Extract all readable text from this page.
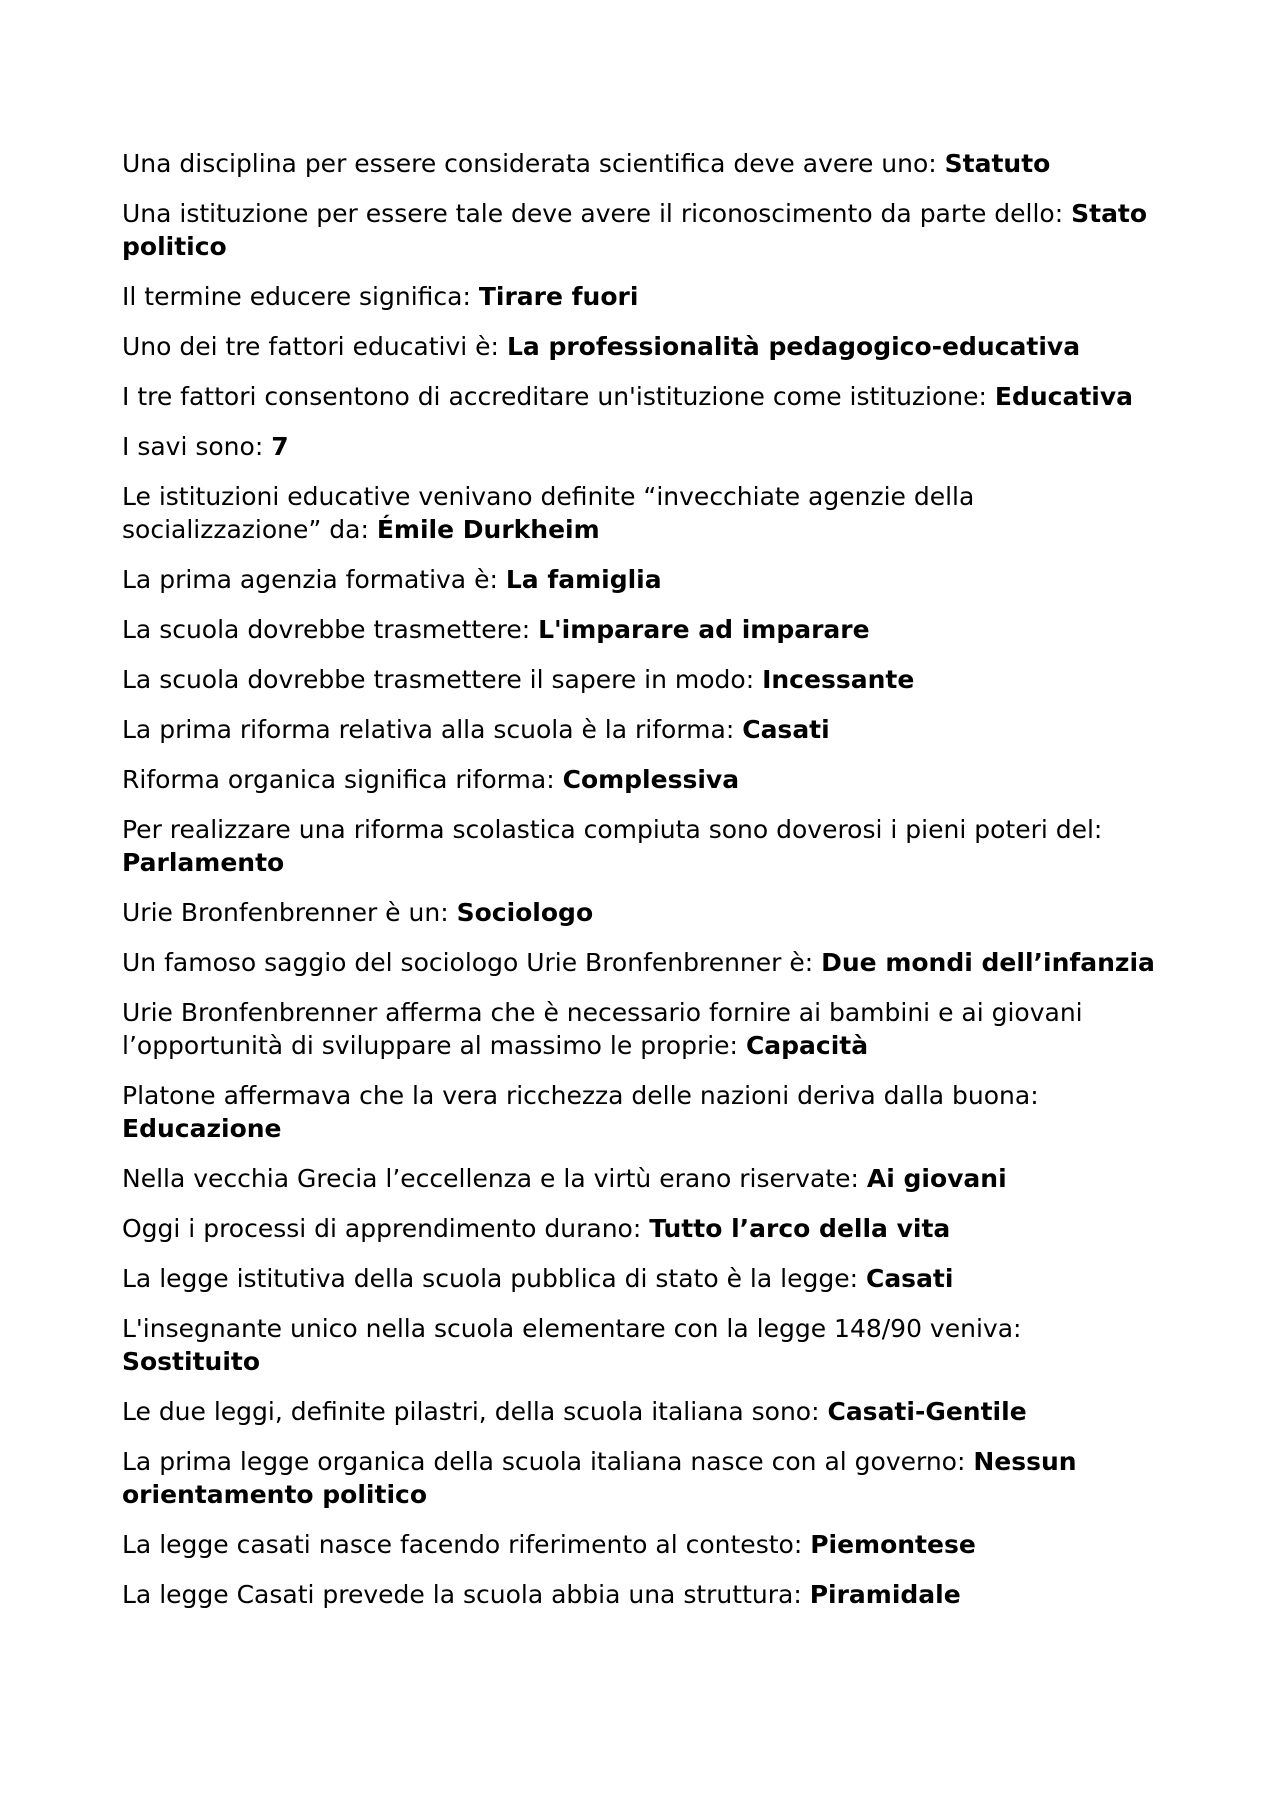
Una disciplina per essere considerata scientifica deve avere uno: Statuto

Una istituzione per essere tale deve avere il riconoscimento da parte dello: Stato politico

Il termine educere significa: Tirare fuori

Uno dei tre fattori educativi è: La professionalità pedagogico-educativa

I tre fattori consentono di accreditare un'istituzione come istituzione: Educativa

I savi sono: 7

Le istituzioni educative venivano definite “invecchiate agenzie della socializzazione” da: Émile Durkheim

La prima agenzia formativa è: La famiglia

La scuola dovrebbe trasmettere: L'imparare ad imparare

La scuola dovrebbe trasmettere il sapere in modo: Incessante

La prima riforma relativa alla scuola è la riforma: Casati

Riforma organica significa riforma: Complessiva

Per realizzare una riforma scolastica compiuta sono doverosi i pieni poteri del: Parlamento

Urie Bronfenbrenner è un: Sociologo

Un famoso saggio del sociologo Urie Bronfenbrenner è: Due mondi dell’infanzia

Urie Bronfenbrenner afferma che è necessario fornire ai bambini e ai giovani l’opportunità di sviluppare al massimo le proprie: Capacità

Platone affermava che la vera ricchezza delle nazioni deriva dalla buona: Educazione

Nella vecchia Grecia l’eccellenza e la virtù erano riservate: Ai giovani

Oggi i processi di apprendimento durano: Tutto l’arco della vita

La legge istitutiva della scuola pubblica di stato è la legge: Casati

L'insegnante unico nella scuola elementare con la legge 148/90 veniva: Sostituito

Le due leggi, definite pilastri, della scuola italiana sono: Casati-Gentile

La prima legge organica della scuola italiana nasce con al governo: Nessun orientamento politico

La legge casati nasce facendo riferimento al contesto: Piemontese

La legge Casati prevede la scuola abbia una struttura: Piramidale
